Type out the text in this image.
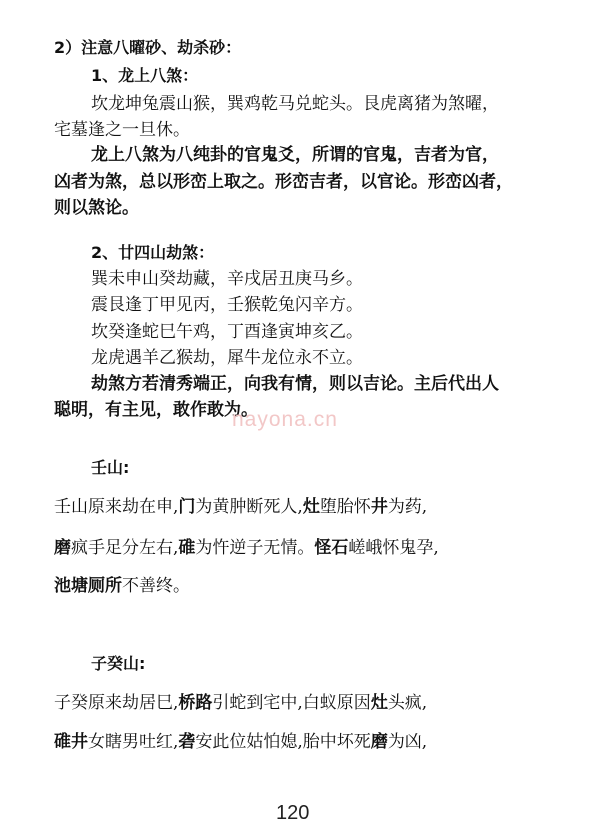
2）注意八曜砂、劫杀砂：
1、龙上八煞：
坎龙坤兔震山猴，巽鸡乾马兑蛇头。艮虎离猪为煞曜，
宅墓逢之一旦休。
龙上八煞为八纯卦的官鬼爻，所谓的官鬼，吉者为官，
凶者为煞，总以形峦上取之。形峦吉者，以官论。形峦凶者，
则以煞论。
2、廿四山劫煞：
巽未申山癸劫藏，辛戌居丑庚马乡。
震艮逢丁甲见丙，壬猴乾兔闪辛方。
坎癸逢蛇巳午鸡，丁酉逢寅坤亥乙。
龙虎遇羊乙猴劫，犀牛龙位永不立。
劫煞方若清秀端正，向我有情，则以吉论。主后代出人
聪明，有主见，敢作敢为。
nayona.cn
壬山:
壬山原来劫在申,门为黄肿断死人,灶堕胎怀井为药,
磨疯手足分左右,碓为忤逆子无情。怪石嵯峨怀鬼孕,
池塘厕所不善终。
子癸山:
子癸原来劫居巳,桥路引蛇到宅中,白蚁原因灶头疯,
碓井女瞎男吐红,砻安此位姑怕媳,胎中坏死磨为凶,
120
